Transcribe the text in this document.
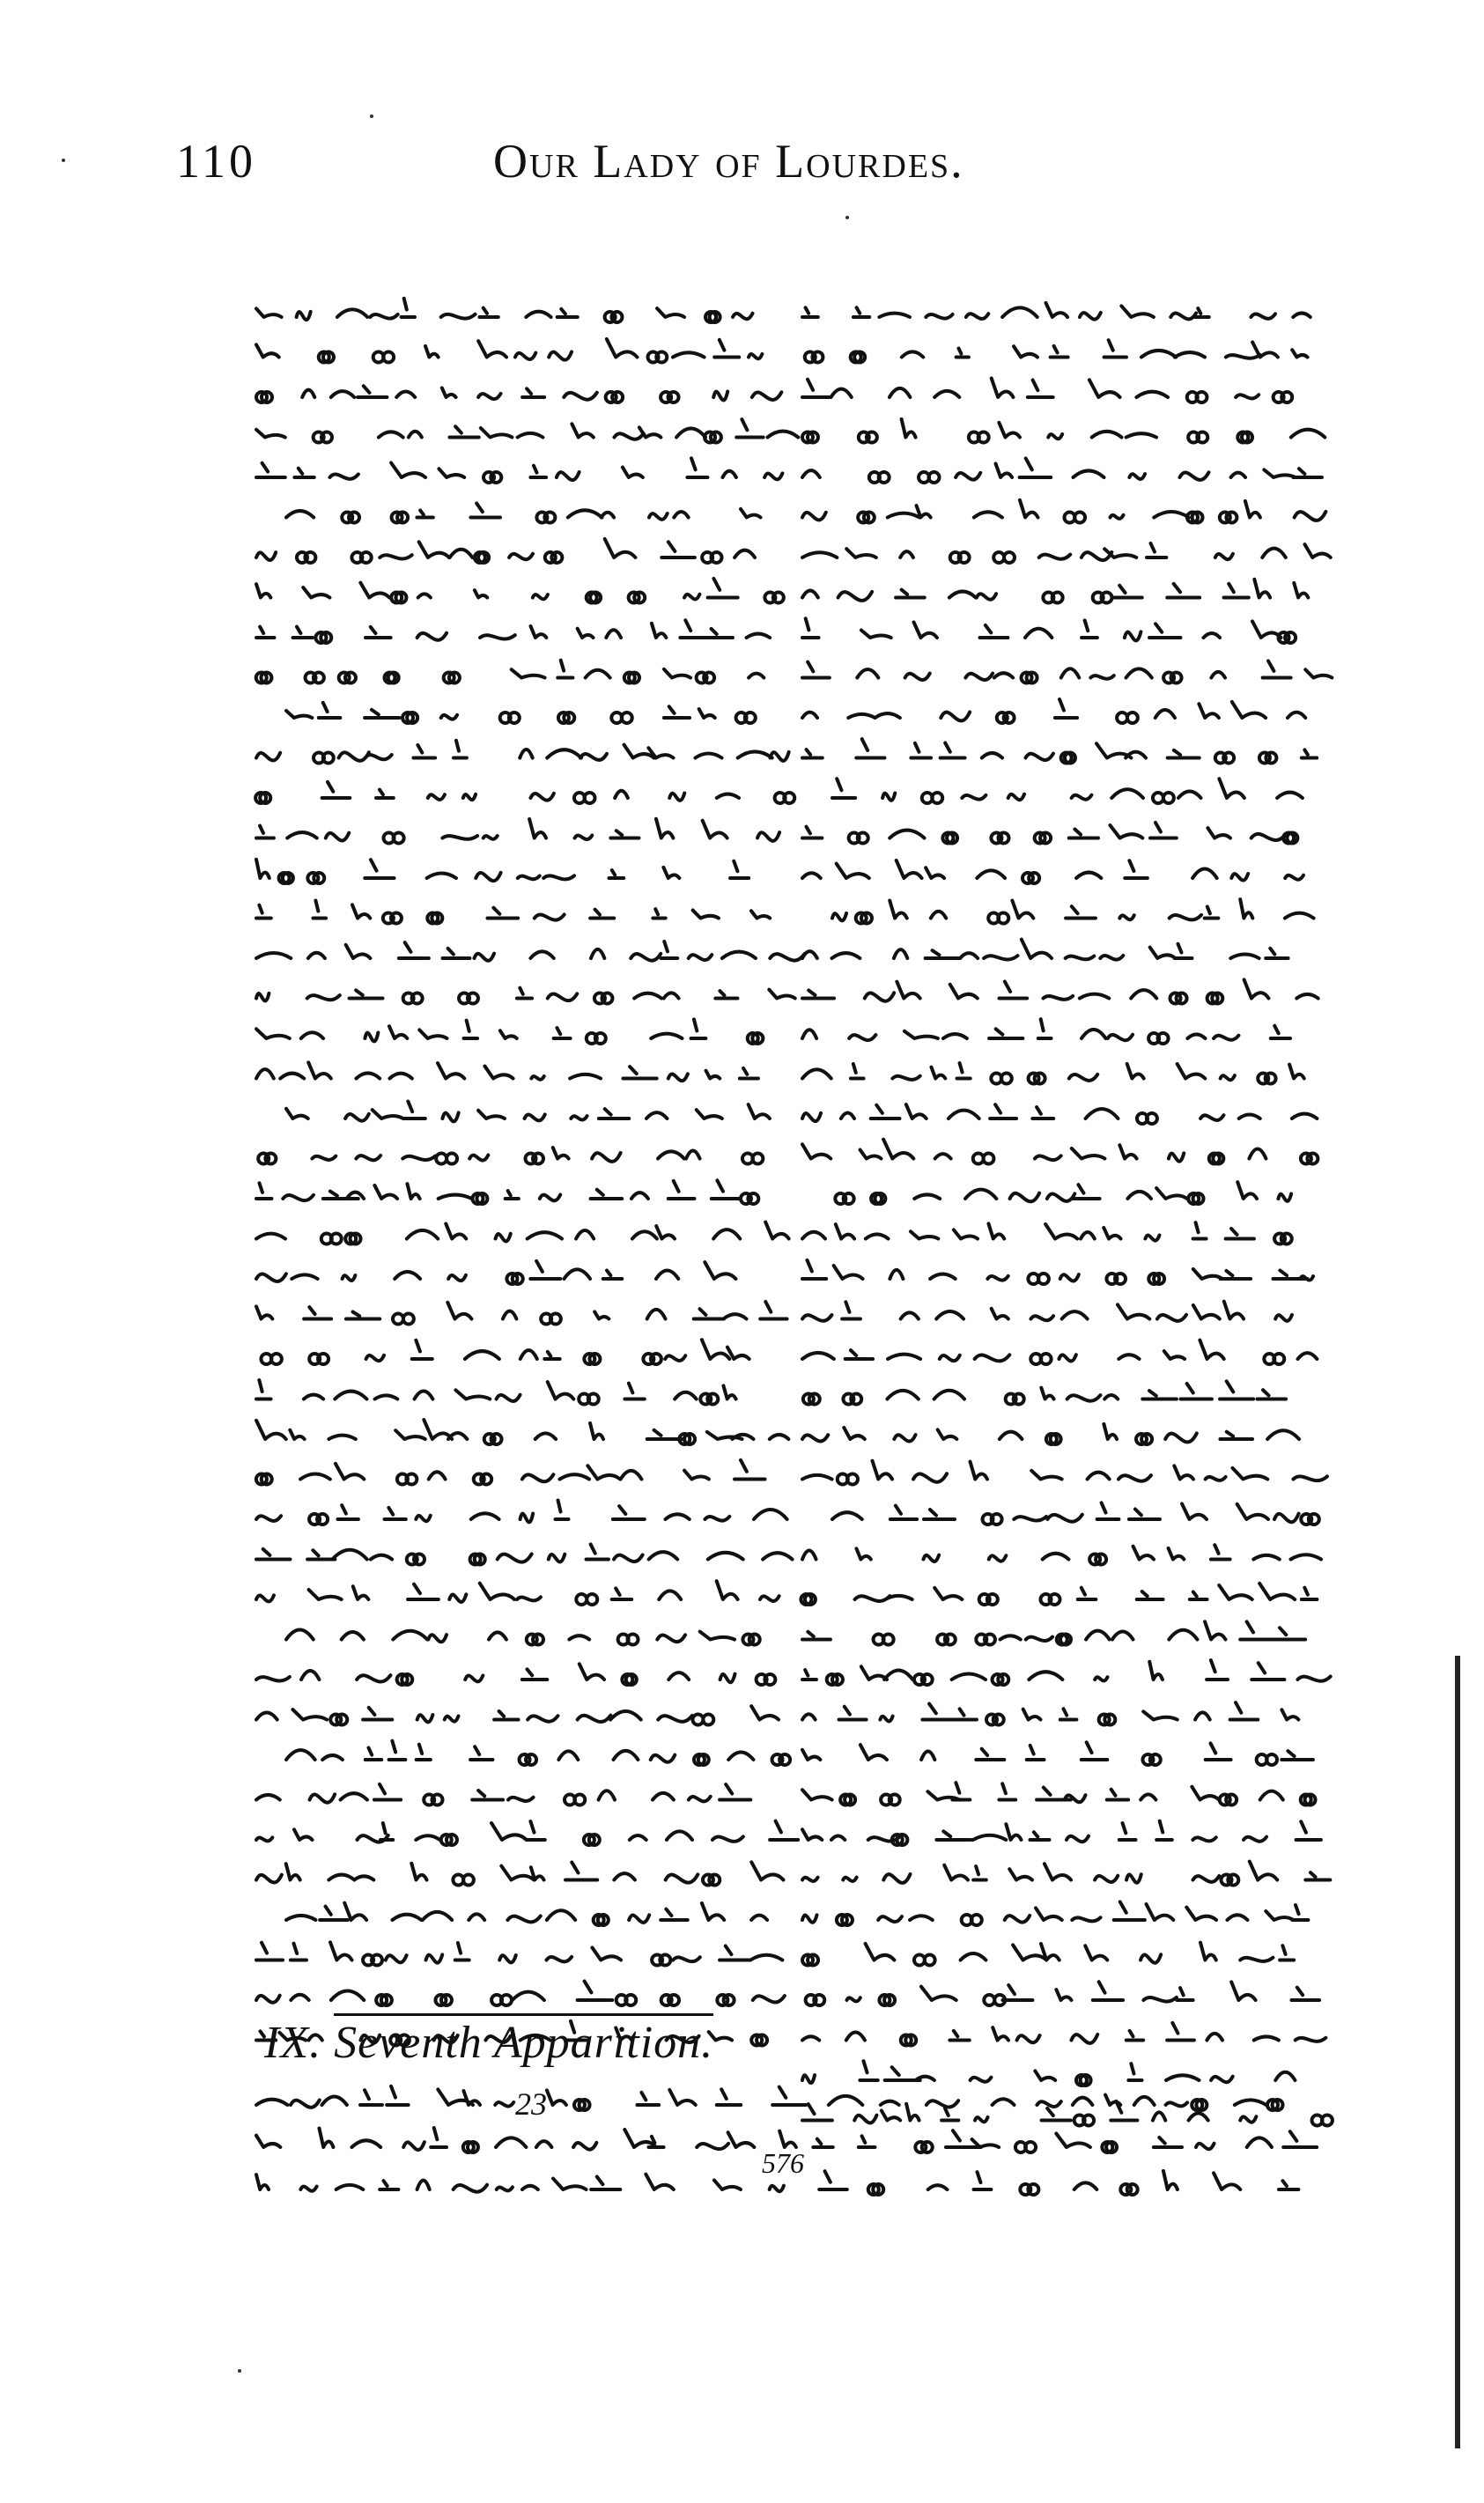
110	Our Lady of Lourdes.
IX. Seventh Apparition.
23
576
